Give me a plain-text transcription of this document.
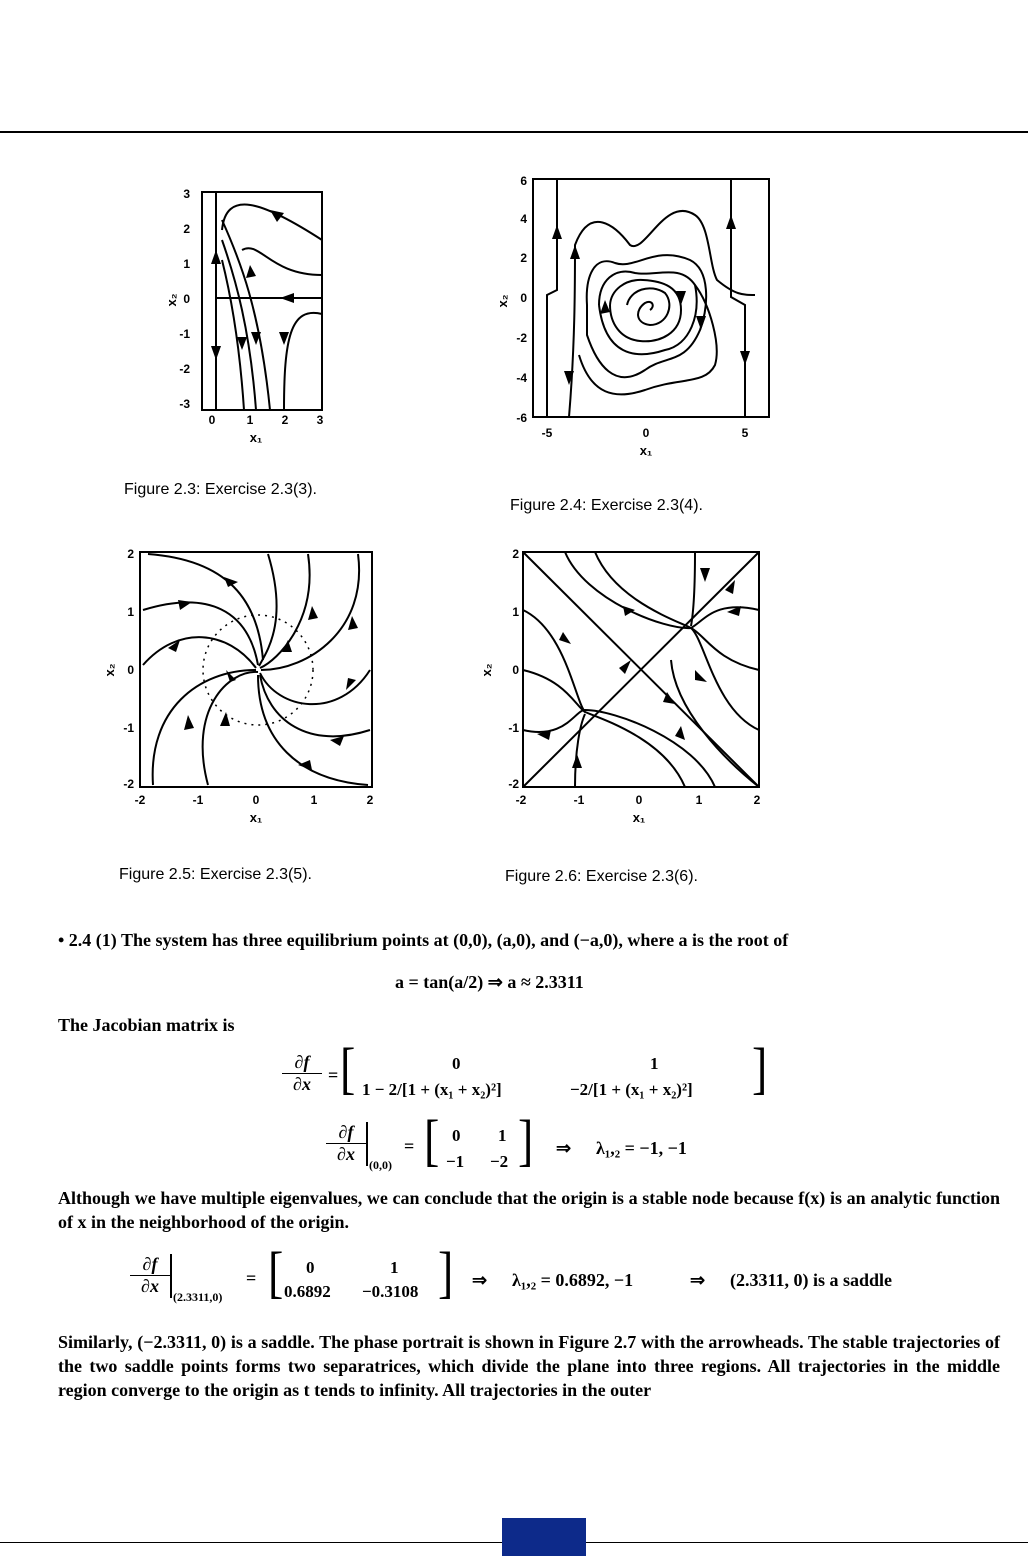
3
2
1
0
-1
-2
-3
0	1 2 3
x₁
x₂
6
4
2
0
-2
-4
-6
-5	0	5
x₁
x₂
2
1
0
-1
-2
-2	-1	0	1	2
x₁
x₂
2
1
0
-1
-2
-2	-1	0	1	2
x₁
x₂
Figure 2.3: Exercise 2.3(3).
Figure 2.4: Exercise 2.3(4).
Figure 2.5: Exercise 2.3(5).	Figure 2.6: Exercise 2.3(6).
• 2.4 (1) The system has three equilibrium points at (0,0), (a,0), and (−a,0), where a is the root of
a = tan(a/2) ⇒ a ≈ 2.3311
The Jacobian matrix is
$\frac{\partial f}{\partial x}$ = [	0	1
1 − 2/[1 + (x₁ + x₂)²]	−2/[1 + (x₁ + x₂)²] ]
$\frac{\partial f}{\partial x} (0,0)$
= [ 0 1
−1 −2 ] ⇒ λ₁,₂ = −1, −1
Although we have multiple eigenvalues, we can conclude that the origin is a stable node because f(x) is an analytic function of x in the neighborhood of the origin.
$\frac{\partial f}{\partial x} (2.3311,0)$
= [ 0	1
0.6892 −0.3108 ] ⇒ λ₁,₂ = 0.6892, −1	⇒ (2.3311, 0) is a saddle
Similarly, (−2.3311, 0) is a saddle. The phase portrait is shown in Figure 2.7 with the arrowheads. The stable trajectories of the two saddle points forms two separatrices, which divide the plane into three regions. All trajectories in the middle region converge to the origin as t tends to infinity. All trajectories in the outer
